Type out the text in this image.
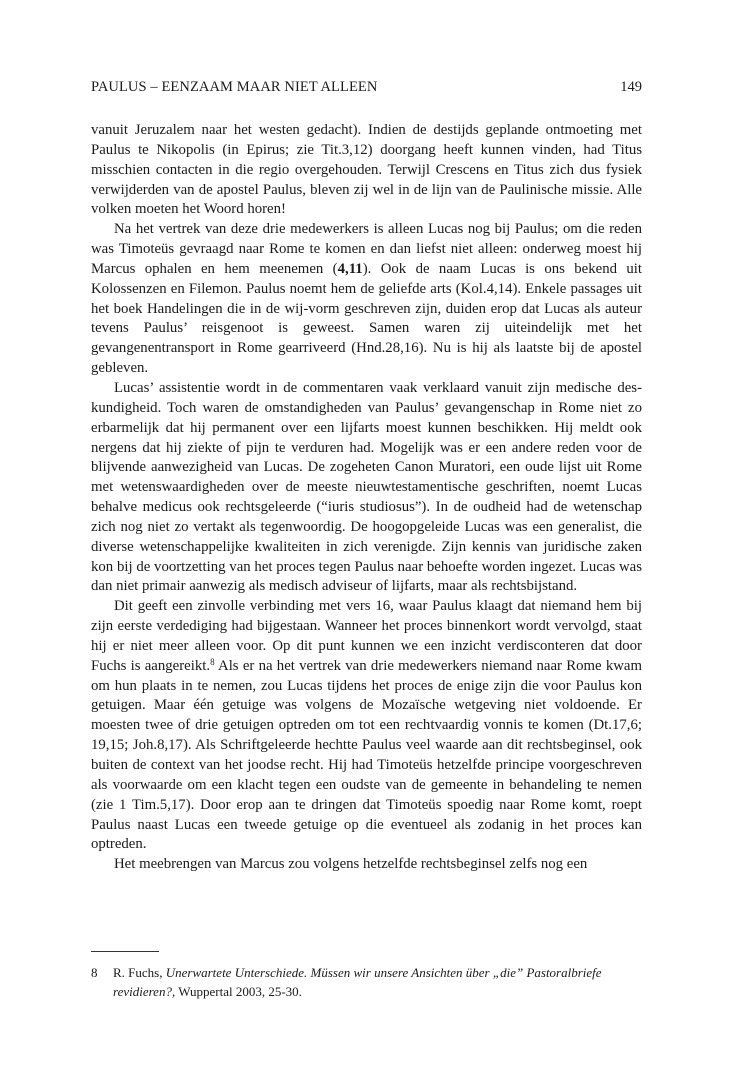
PAULUS – EENZAAM MAAR NIET ALLEEN	149

vanuit Jeruzalem naar het westen gedacht). Indien de destijds geplande ontmoeting met Paulus te Nikopolis (in Epirus; zie Tit.3,12) doorgang heeft kunnen vinden, had Titus misschien contacten in die regio overgehouden. Terwijl Crescens en Titus zich dus fysiek verwijderden van de apostel Paulus, bleven zij wel in de lijn van de Paulinische missie. Alle volken moeten het Woord horen!

Na het vertrek van deze drie medewerkers is alleen Lucas nog bij Paulus; om die reden was Timoteüs gevraagd naar Rome te komen en dan liefst niet alleen: onderweg moest hij Marcus ophalen en hem meenemen (4,11). Ook de naam Lucas is ons bekend uit Kolossenzen en Filemon. Paulus noemt hem de geliefde arts (Kol.4,14). Enkele passages uit het boek Handelingen die in de wij-vorm geschreven zijn, duiden erop dat Lucas als auteur tevens Paulus’ reisgenoot is geweest. Samen waren zij uiteindelijk met het gevangenentransport in Rome gearriveerd (Hnd.28,16). Nu is hij als laatste bij de apostel gebleven.

Lucas’ assistentie wordt in de commentaren vaak verklaard vanuit zijn medische deskundigheid. Toch waren de omstandigheden van Paulus’ gevangenschap in Rome niet zo erbarmelijk dat hij permanent over een lijfarts moest kunnen beschikken. Hij meldt ook nergens dat hij ziekte of pijn te verduren had. Mogelijk was er een andere reden voor de blijvende aanwezigheid van Lucas. De zogeheten Canon Muratori, een oude lijst uit Rome met wetenswaardigheden over de meeste nieuwtestamentische geschriften, noemt Lucas behalve medicus ook rechtsgeleerde (“iuris studiosus”). In de oudheid had de wetenschap zich nog niet zo vertakt als tegenwoordig. De hoogopgeleide Lucas was een generalist, die diverse wetenschappelijke kwaliteiten in zich verenigde. Zijn kennis van juridische zaken kon bij de voortzetting van het proces tegen Paulus naar behoefte worden ingezet. Lucas was dan niet primair aanwezig als medisch adviseur of lijfarts, maar als rechtsbijstand.

Dit geeft een zinvolle verbinding met vers 16, waar Paulus klaagt dat niemand hem bij zijn eerste verdediging had bijgestaan. Wanneer het proces binnenkort wordt vervolgd, staat hij er niet meer alleen voor. Op dit punt kunnen we een inzicht verdisconteren dat door Fuchs is aangereikt.$^8$ Als er na het vertrek van drie medewerkers niemand naar Rome kwam om hun plaats in te nemen, zou Lucas tijdens het proces de enige zijn die voor Paulus kon getuigen. Maar één getuige was volgens de Mozaïsche wetgeving niet voldoende. Er moesten twee of drie getuigen optreden om tot een rechtvaardig vonnis te komen (Dt.17,6; 19,15; Joh.8,17). Als Schriftgeleerde hechtte Paulus veel waarde aan dit rechtsbeginsel, ook buiten de context van het joodse recht. Hij had Timoteüs hetzelfde principe voorgeschreven als voorwaarde om een klacht tegen een oudste van de gemeente in behandeling te nemen (zie 1 Tim.5,17). Door erop aan te dringen dat Timoteüs spoedig naar Rome komt, roept Paulus naast Lucas een tweede getuige op die eventueel als zodanig in het proces kan optreden.

Het meebrengen van Marcus zou volgens hetzelfde rechtsbeginsel zelfs nog een

8 R. Fuchs, Unerwartete Unterschiede. Müssen wir unsere Ansichten über „die” Pastoralbriefe revidieren?, Wuppertal 2003, 25-30.
